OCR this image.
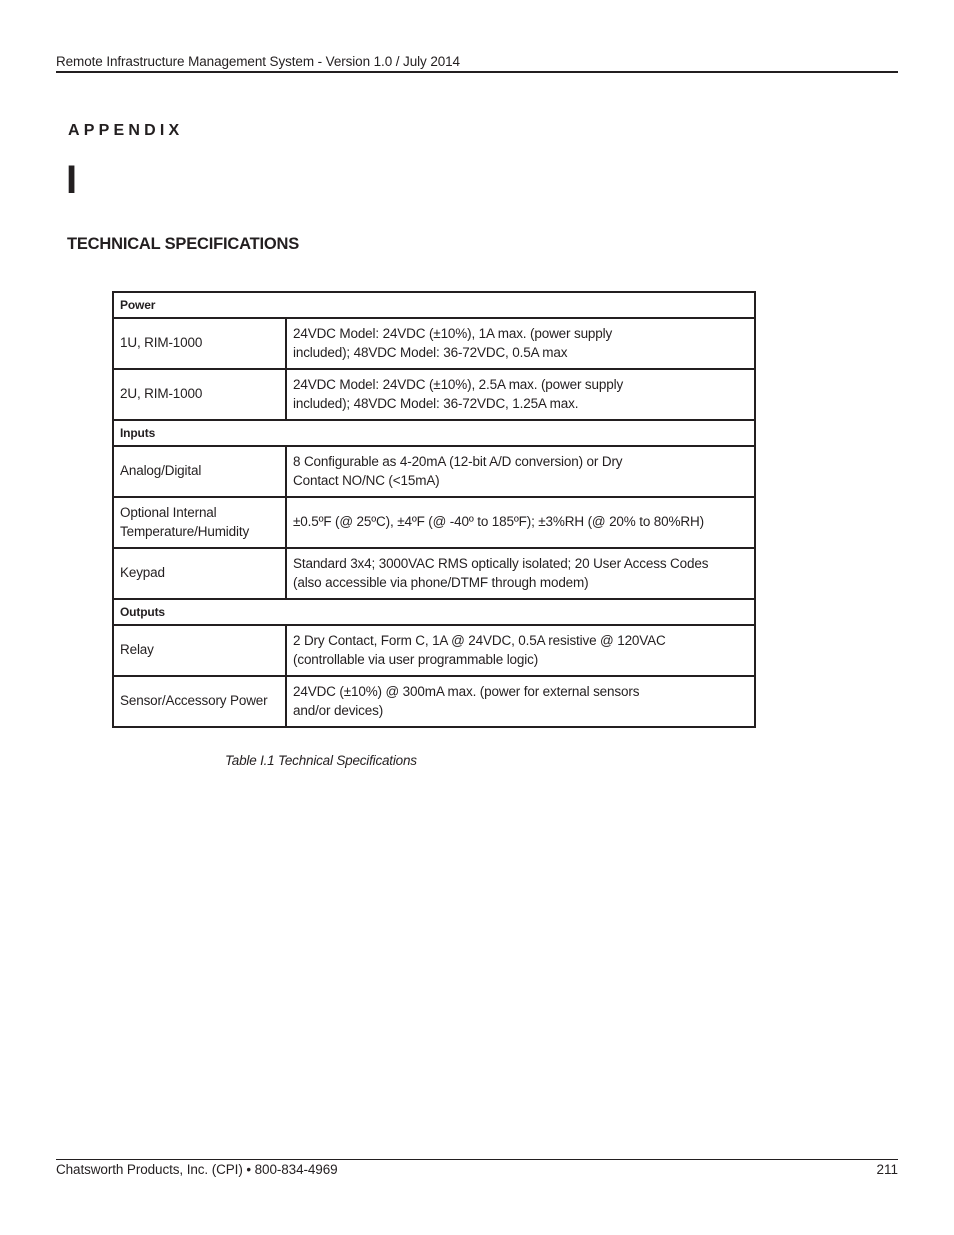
Remote Infrastructure Management System - Version 1.0 / July 2014
APPENDIX
I
TECHNICAL SPECIFICATIONS
Power	
1U, RIM-1000	24VDC Model: 24VDC (±10%), 1A max. (power supply
included); 48VDC Model: 36-72VDC, 0.5A max
2U, RIM-1000	24VDC Model: 24VDC (±10%), 2.5A max. (power supply
included); 48VDC Model: 36-72VDC, 1.25A max.
Inputs	
Analog/Digital	8 Configurable as 4-20mA (12-bit A/D conversion) or Dry
Contact NO/NC (<15mA)
Optional Internal
Temperature/Humidity	±0.5ºF (@ 25ºC), ±4ºF (@ -40º to 185ºF); ±3%RH (@ 20% to 80%RH)
Keypad	Standard 3x4; 3000VAC RMS optically isolated; 20 User Access Codes
(also accessible via phone/DTMF through modem)
Outputs	
Relay	2 Dry Contact, Form C, 1A @ 24VDC, 0.5A resistive @ 120VAC
(controllable via user programmable logic)
Sensor/Accessory Power	24VDC (±10%) @ 300mA max. (power for external sensors
and/or devices)
Table I.1 Technical Specifications
Chatsworth Products, Inc. (CPI) • 800-834-4969	211
